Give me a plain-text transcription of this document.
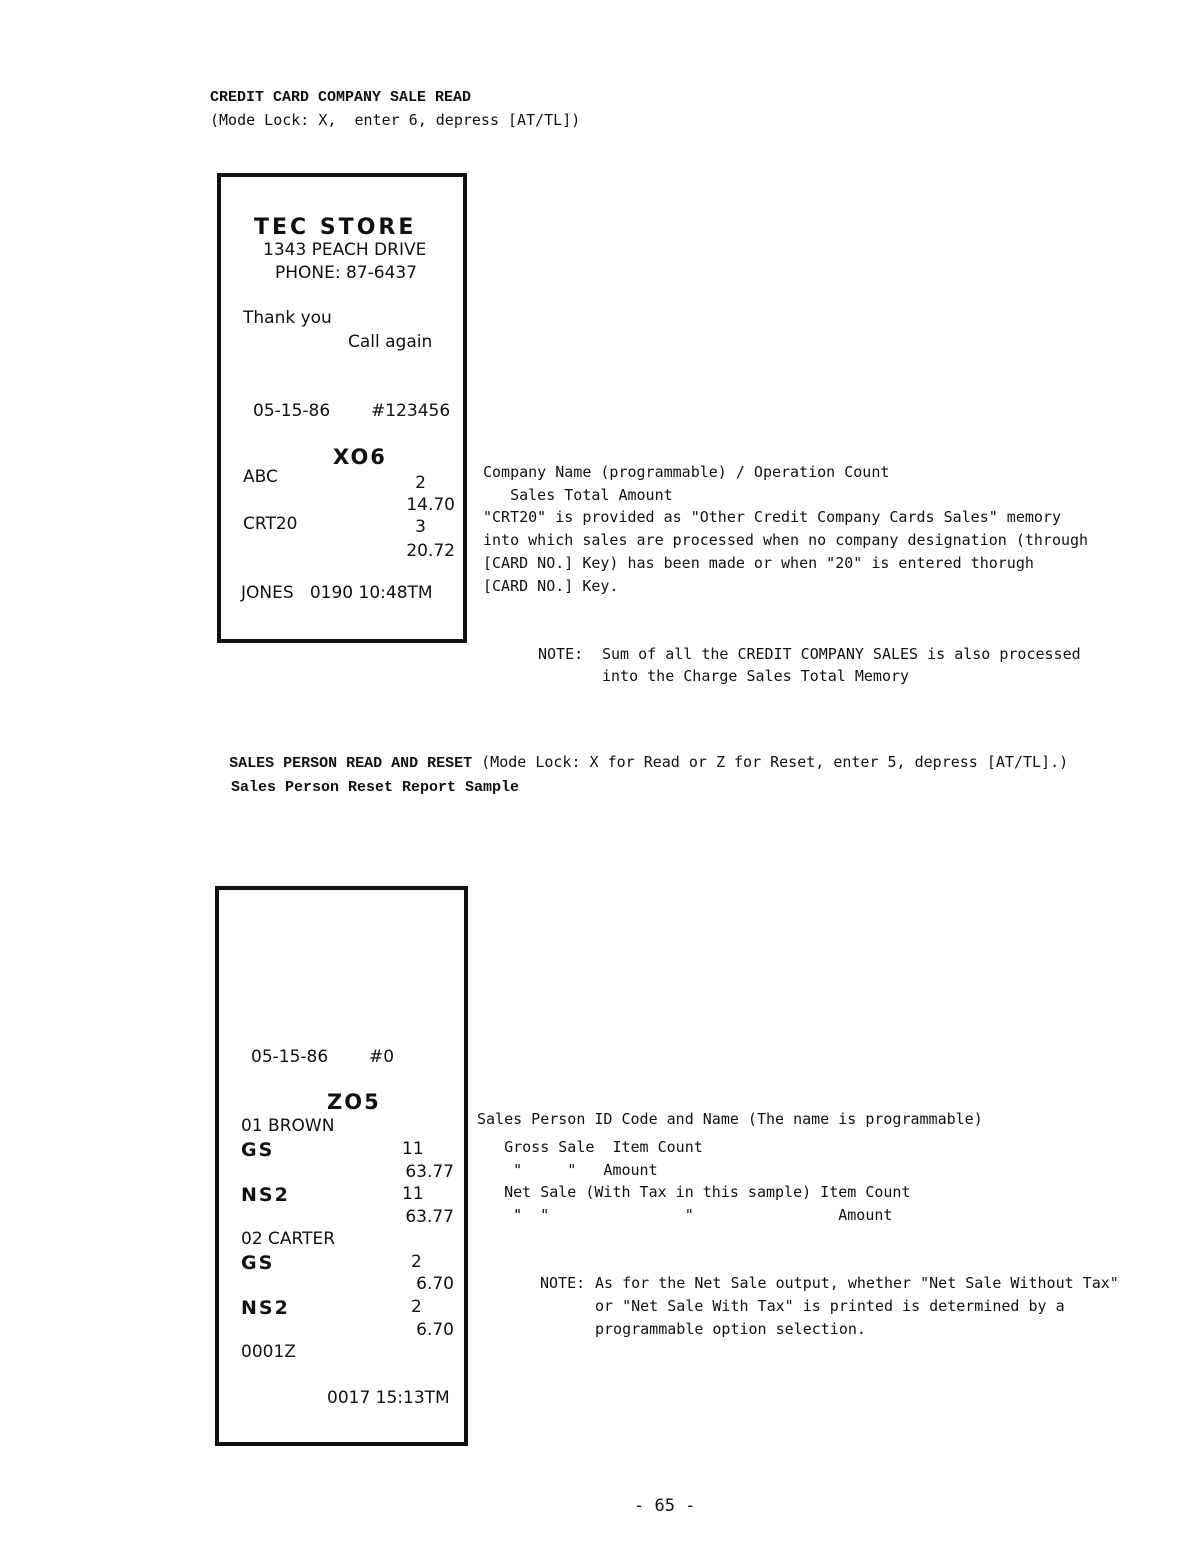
CREDIT CARD COMPANY SALE READ
(Mode Lock: X,  enter 6, depress [AT/TL])
TEC STORE
1343 PEACH DRIVE
PHONE: 87-6437
Thank you
Call again
05-15-86 #123456
XO6
ABC	2
14.70
CRT20	3
20.72
JONES   0190 10:48TM
Company Name (programmable) / Operation Count
Sales Total Amount
"CRT20" is provided as "Other Credit Company Cards Sales" memory
into which sales are processed when no company designation (through
[CARD NO.] Key) has been made or when "20" is entered thorugh
[CARD NO.] Key.
NOTE: Sum of all the CREDIT COMPANY SALES is also processed
into the Charge Sales Total Memory

SALES PERSON READ AND RESET (Mode Lock: X for Read or Z for Reset, enter 5, depress [AT/TL].)

Sales Person Reset Report Sample
05-15-86 #0
ZO5
01 BROWN
GS	11
63.77
NS2	11
63.77
02 CARTER
GS	2
6.70
NS2	2
6.70
0001Z
0017 15:13TM
Sales Person ID Code and Name (The name is programmable)
Gross Sale  Item Count
"     "   Amount
Net Sale (With Tax in this sample) Item Count
"  "               "                Amount
NOTE: As for the Net Sale output, whether "Net Sale Without Tax"
or "Net Sale With Tax" is printed is determined by a
programmable option selection.
- 65 -
